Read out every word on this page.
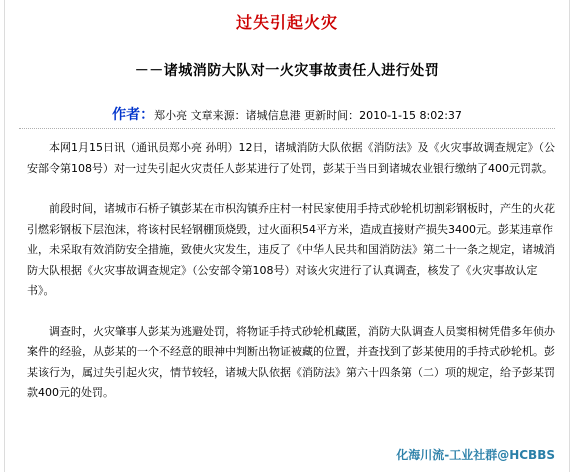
过失引起火灾
－－诸城消防大队对一火灾事故责任人进行处罚
作者：郑小亮 文章来源：诸城信息港 更新时间：2010-1-15 8:02:37

本网1月15日讯（通讯员郑小亮 孙明）12日，诸城消防大队依据《消防法》及《火灾事故调查规定》（公安部令第108号）对一过失引起火灾责任人彭某进行了处罚，彭某于当日到诸城农业银行缴纳了400元罚款。

前段时间，诸城市石桥子镇彭某在市枳沟镇乔庄村一村民家使用手持式砂轮机切割彩钢板时，产生的火花引燃彩钢板下层泡沫，将该村民轻钢棚顶烧毁，过火面积54平方米，造成直接财产损失3400元。彭某违章作业，未采取有效消防安全措施，致使火灾发生，违反了《中华人民共和国消防法》第二十一条之规定，诸城消防大队根据《火灾事故调查规定》（公安部令第108号）对该火灾进行了认真调查，核发了《火灾事故认定书》。

调查时，火灾肇事人彭某为逃避处罚，将物证手持式砂轮机藏匿，消防大队调查人员窦相树凭借多年侦办案件的经验，从彭某的一个不经意的眼神中判断出物证被藏的位置，并查找到了彭某使用的手持式砂轮机。彭某该行为，属过失引起火灾，情节较轻，诸城大队依据《消防法》第六十四条第（二）项的规定，给予彭某罚款400元的处罚。

化海川流-工业社群@HCBBS
